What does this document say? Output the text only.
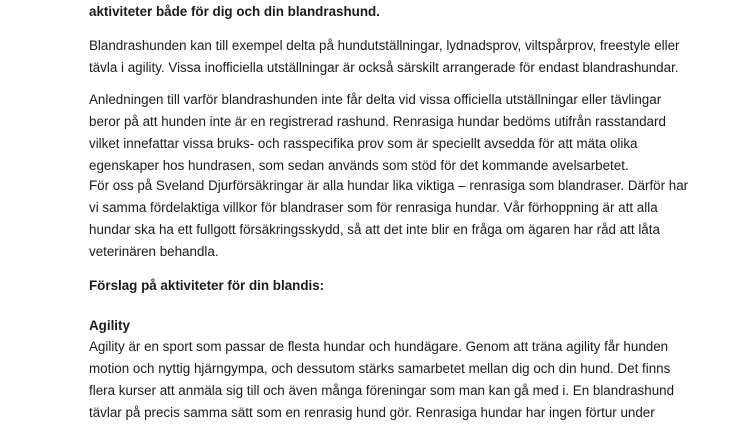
aktiviteter både för dig och din blandrashund.

Blandrashunden kan till exempel delta på hundutställningar, lydnadsprov, viltspårprov, freestyle eller
tävla i agility. Vissa inofficiella utställningar är också särskilt arrangerade för endast blandrashundar.

Anledningen till varför blandrashunden inte får delta vid vissa officiella utställningar eller tävlingar
beror på att hunden inte är en registrerad rashund. Renrasiga hundar bedöms utifrån rasstandard
vilket innefattar vissa bruks- och rasspecifika prov som är speciellt avsedda för att mäta olika
egenskaper hos hundrasen, som sedan används som stöd för det kommande avelsarbetet.

För oss på Sveland Djurförsäkringar är alla hundar lika viktiga – renrasiga som blandraser. Därför har
vi samma fördelaktiga villkor för blandraser som för renrasiga hundar. Vår förhoppning är att alla
hundar ska ha ett fullgott försäkringsskydd, så att det inte blir en fråga om ägaren har råd att låta
veterinären behandla.

Förslag på aktiviteter för din blandis:

Agility

Agility är en sport som passar de flesta hundar och hundägare. Genom att träna agility får hunden
motion och nyttig hjärngympa, och dessutom stärks samarbetet mellan dig och din hund. Det finns
flera kurser att anmäla sig till och även många föreningar som man kan gå med i. En blandrashund
tävlar på precis samma sätt som en renrasig hund gör. Renrasiga hundar har ingen förtur under
